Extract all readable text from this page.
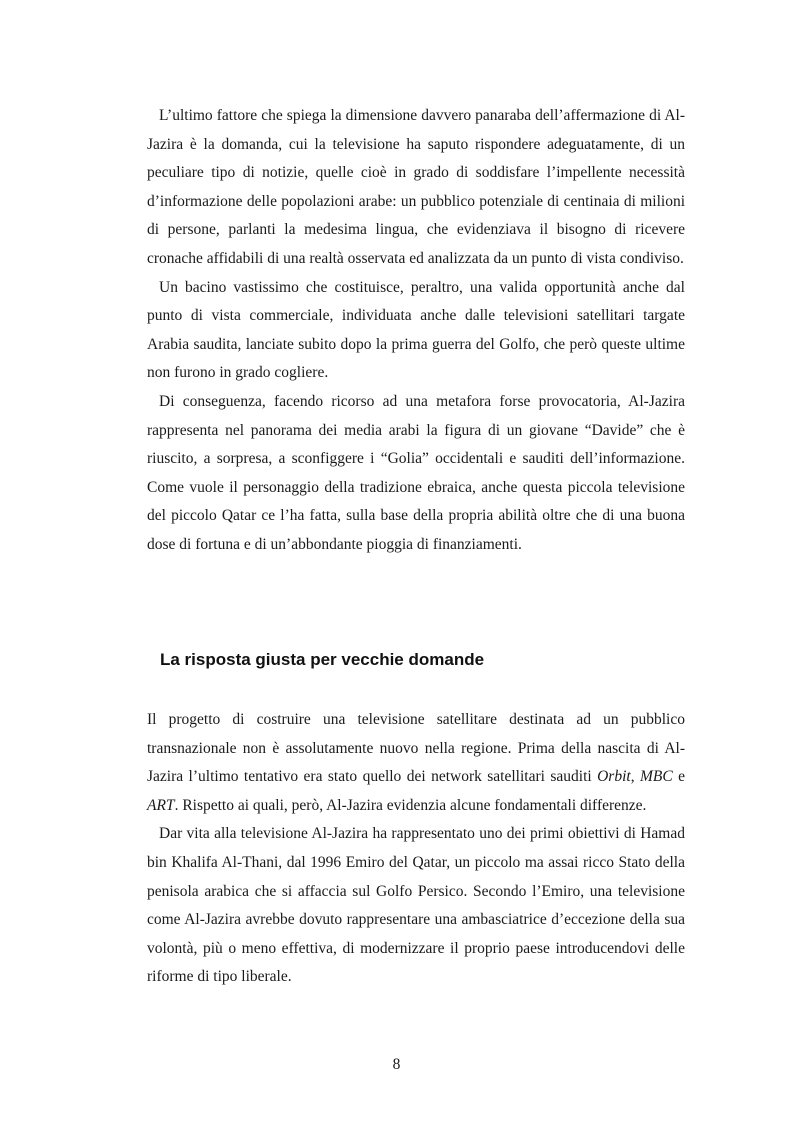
L’ultimo fattore che spiega la dimensione davvero panaraba dell’affermazione di Al-Jazira è la domanda, cui la televisione ha saputo rispondere adeguatamente, di un peculiare tipo di notizie, quelle cioè in grado di soddisfare l’impellente necessità d’informazione delle popolazioni arabe: un pubblico potenziale di centinaia di milioni di persone, parlanti la medesima lingua, che evidenziava il bisogno di ricevere cronache affidabili di una realtà osservata ed analizzata da un punto di vista condiviso.

Un bacino vastissimo che costituisce, peraltro, una valida opportunità anche dal punto di vista commerciale, individuata anche dalle televisioni satellitari targate Arabia saudita, lanciate subito dopo la prima guerra del Golfo, che però queste ultime non furono in grado cogliere.

Di conseguenza, facendo ricorso ad una metafora forse provocatoria, Al-Jazira rappresenta nel panorama dei media arabi la figura di un giovane “Davide” che è riuscito, a sorpresa, a sconfiggere i “Golia” occidentali e sauditi dell’informazione. Come vuole il personaggio della tradizione ebraica, anche questa piccola televisione del piccolo Qatar ce l’ha fatta, sulla base della propria abilità oltre che di una buona dose di fortuna e di un’abbondante pioggia di finanziamenti.

La risposta giusta per vecchie domande

Il progetto di costruire una televisione satellitare destinata ad un pubblico transnazionale non è assolutamente nuovo nella regione. Prima della nascita di Al-Jazira l’ultimo tentativo era stato quello dei network satellitari sauditi Orbit, MBC e ART. Rispetto ai quali, però, Al-Jazira evidenzia alcune fondamentali differenze.

Dar vita alla televisione Al-Jazira ha rappresentato uno dei primi obiettivi di Hamad bin Khalifa Al-Thani, dal 1996 Emiro del Qatar, un piccolo ma assai ricco Stato della penisola arabica che si affaccia sul Golfo Persico. Secondo l’Emiro, una televisione come Al-Jazira avrebbe dovuto rappresentare una ambasciatrice d’eccezione della sua volontà, più o meno effettiva, di modernizzare il proprio paese introducendovi delle riforme di tipo liberale.

8
